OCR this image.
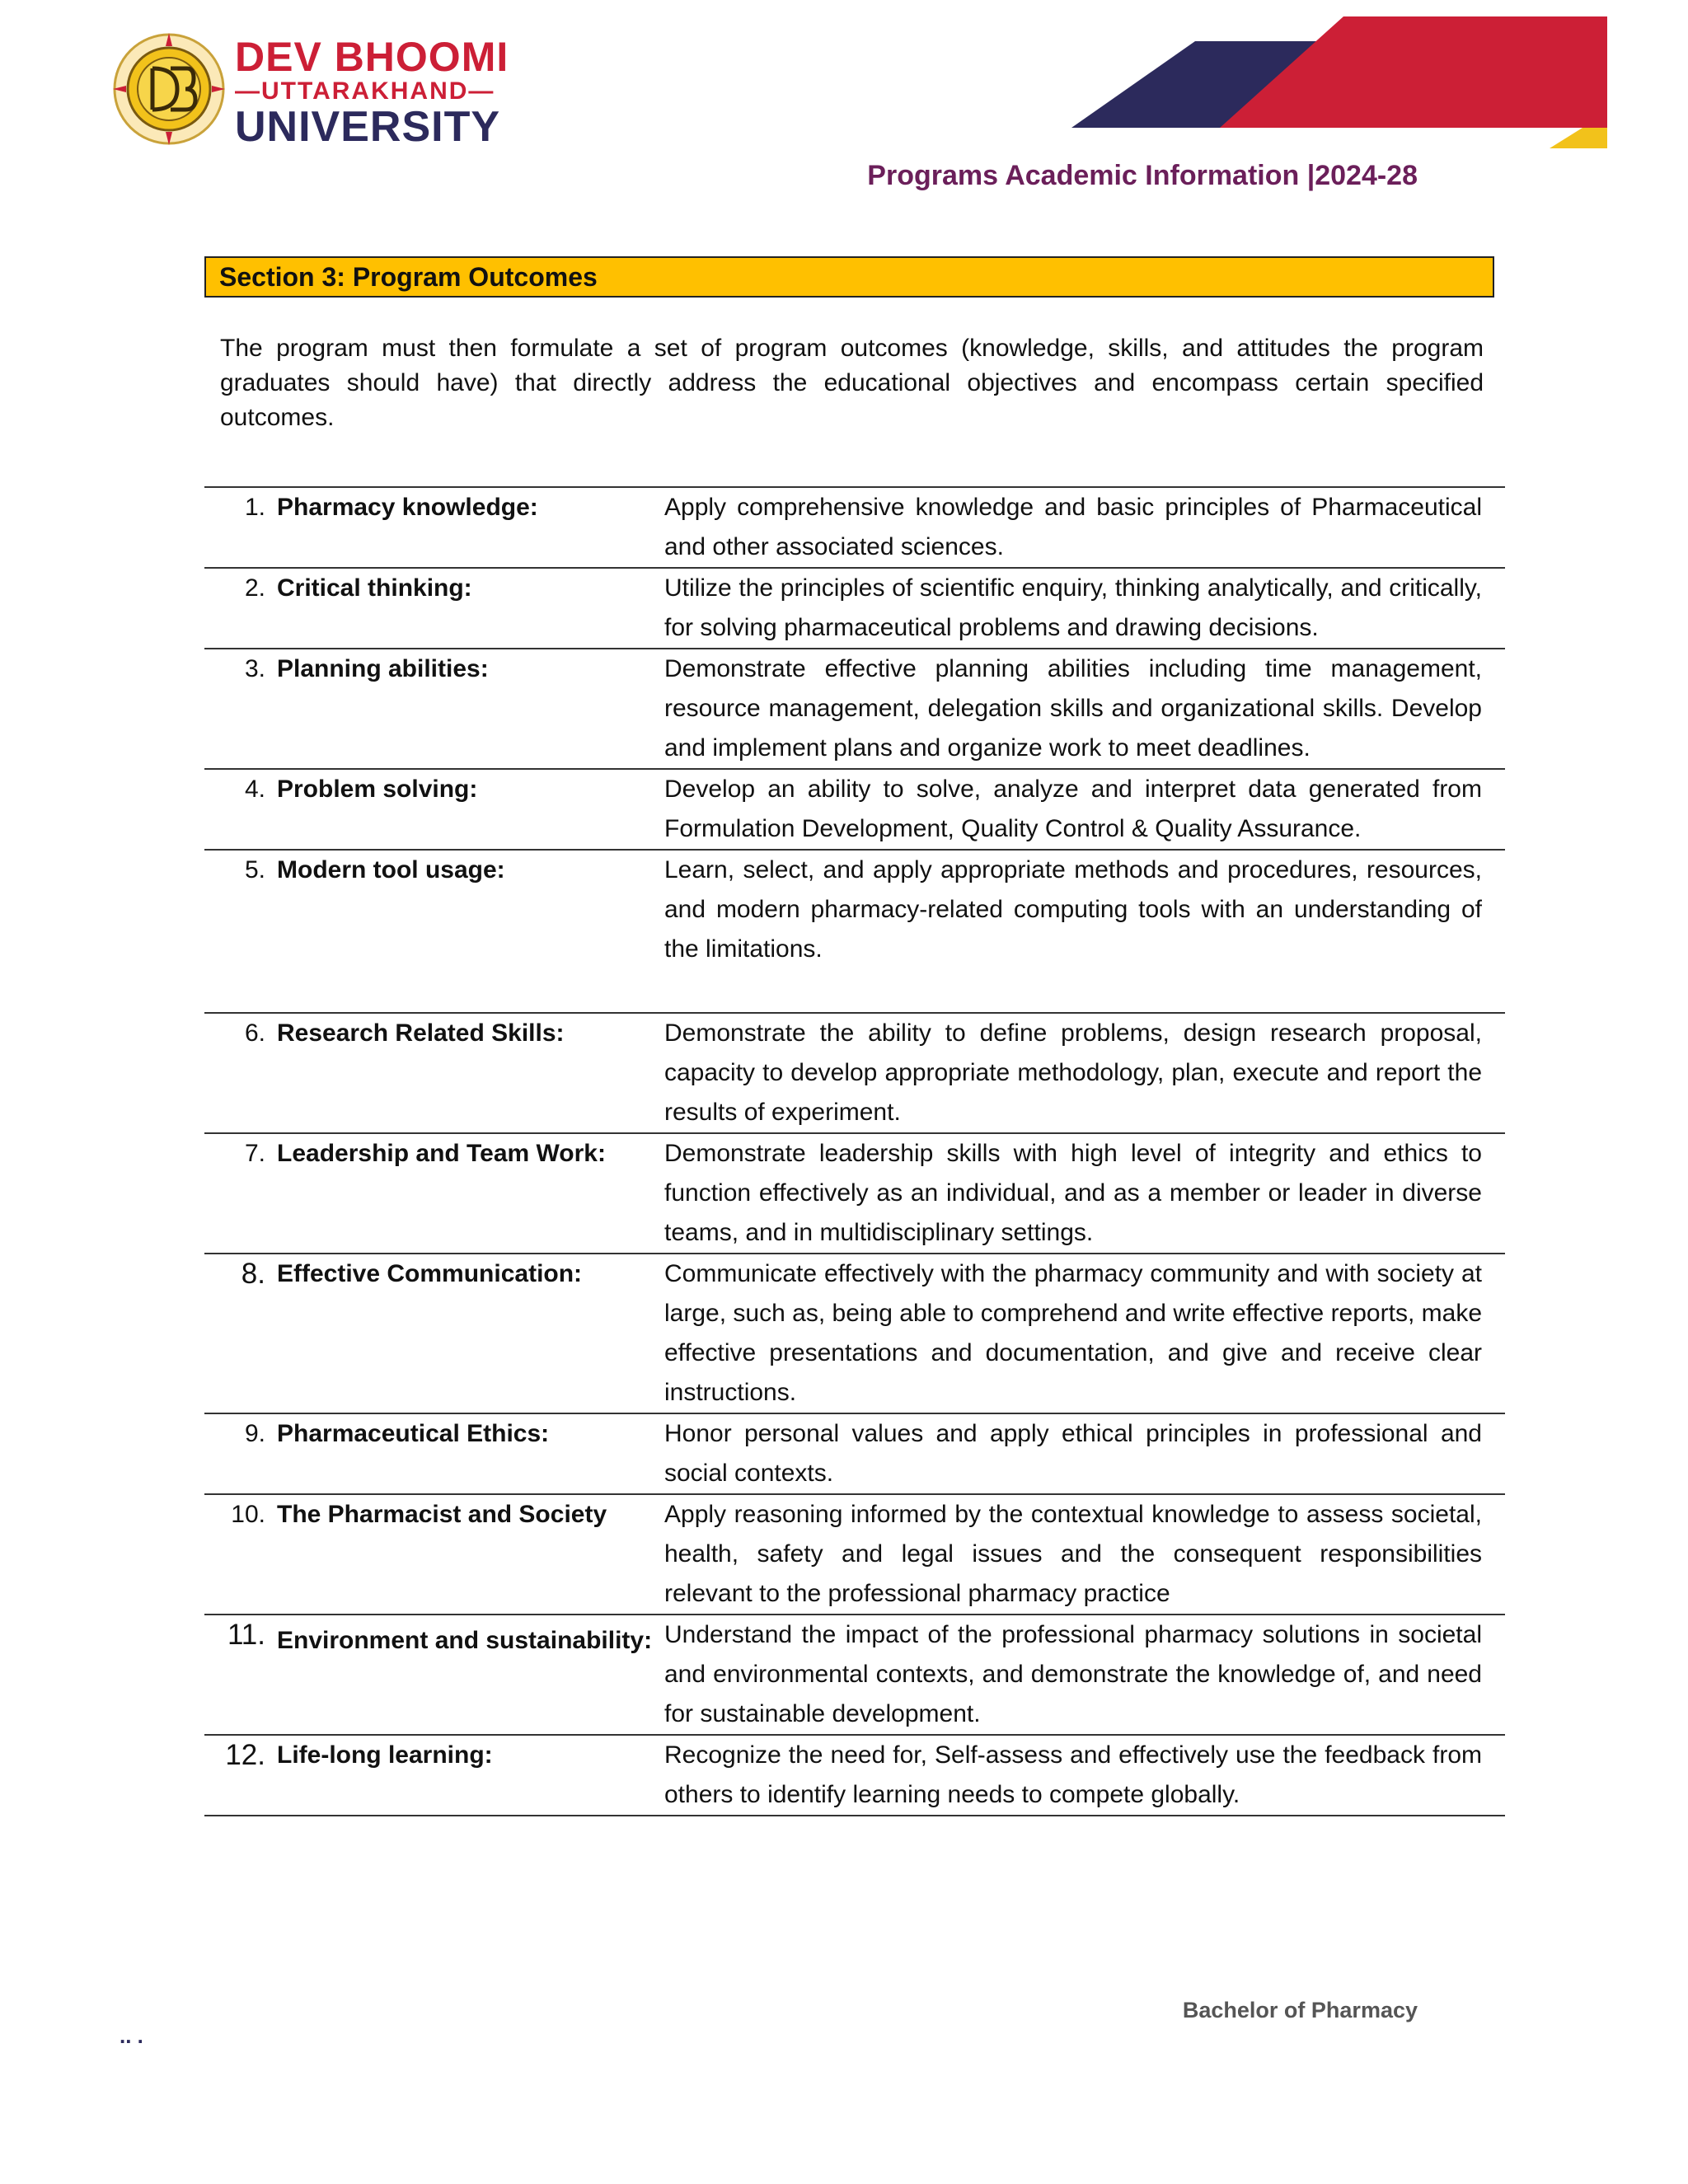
DEV BHOOMI
—UTTARAKHAND—
UNIVERSITY
Programs Academic Information |2024-28
Section 3: Program Outcomes
The program must then formulate a set of program outcomes (knowledge, skills, and attitudes the program graduates should have) that directly address the educational objectives and encompass certain specified outcomes.
1. Pharmacy knowledge:	Apply comprehensive knowledge and basic principles of Pharmaceutical and other associated sciences.
2. Critical thinking:	Utilize the principles of scientific enquiry, thinking analytically, and critically, for solving pharmaceutical problems and drawing decisions.
3. Planning abilities:	Demonstrate effective planning abilities including time management, resource management, delegation skills and organizational skills. Develop and implement plans and organize work to meet deadlines.
4. Problem solving:	Develop an ability to solve, analyze and interpret data generated from Formulation Development, Quality Control & Quality Assurance.
5. Modern tool usage:	Learn, select, and apply appropriate methods and procedures, resources, and modern pharmacy-related computing tools with an understanding of the limitations.
6. Research Related Skills:	Demonstrate the ability to define problems, design research proposal, capacity to develop appropriate methodology, plan, execute and report the results of experiment.
7. Leadership and Team Work:	Demonstrate leadership skills with high level of integrity and ethics to function effectively as an individual, and as a member or leader in diverse teams, and in multidisciplinary settings.
8. Effective Communication:	Communicate effectively with the pharmacy community and with society at large, such as, being able to comprehend and write effective reports, make effective presentations and documentation, and give and receive clear instructions.
9. Pharmaceutical Ethics:	Honor personal values and apply ethical principles in professional and social contexts.
10. The Pharmacist and Society	Apply reasoning informed by the contextual knowledge to assess societal, health, safety and legal issues and the consequent responsibilities relevant to the professional pharmacy practice
11. Environment and sustainability: Understand the impact of the professional pharmacy solutions in societal and environmental contexts, and demonstrate the knowledge of, and need for sustainable development.
12. Life-long learning:	Recognize the need for, Self-assess and effectively use the feedback from others to identify learning needs to compete globally.
Bachelor of Pharmacy
.. .
